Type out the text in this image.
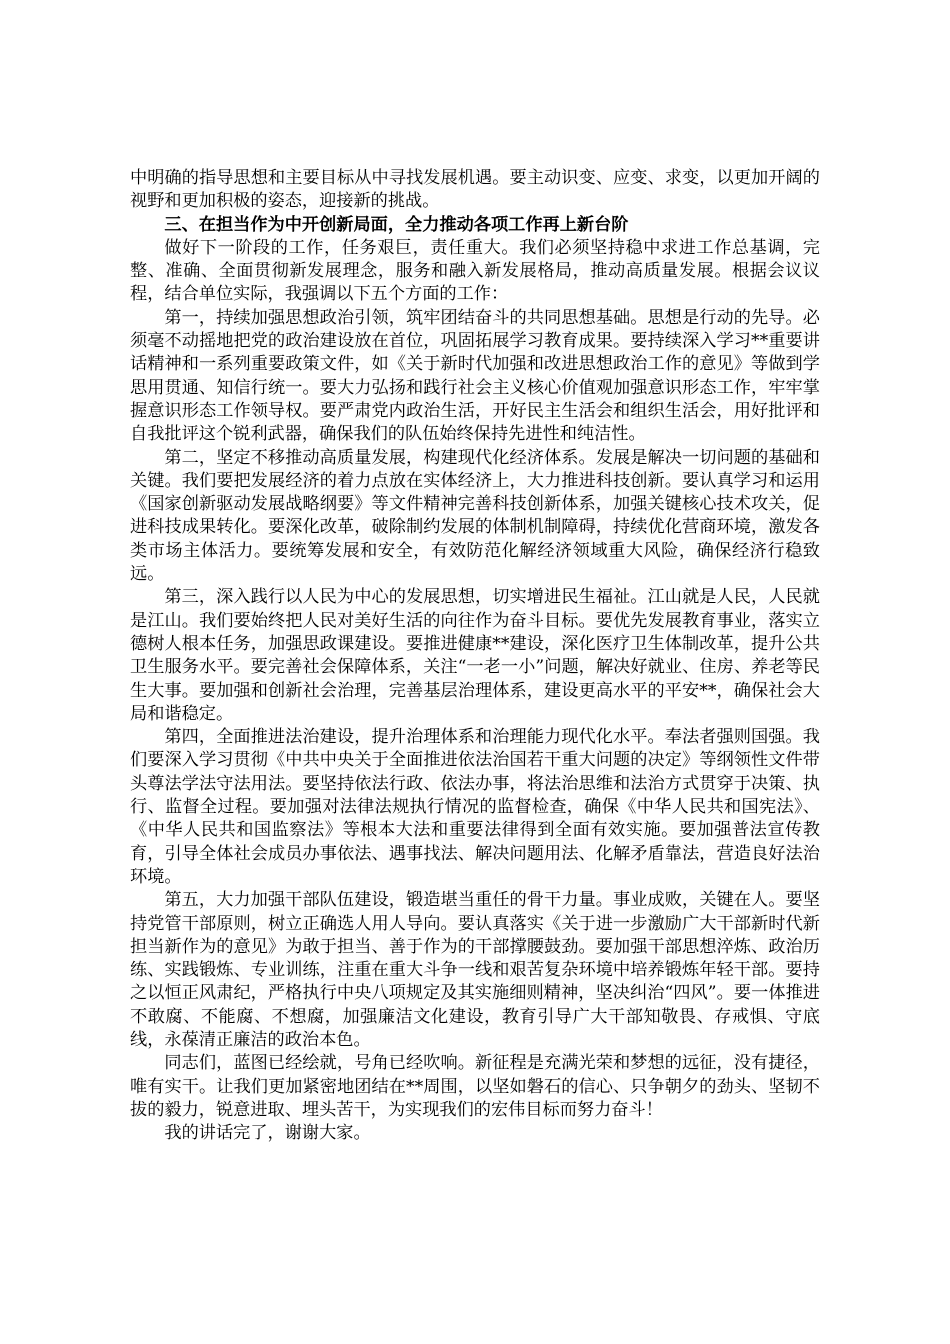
中明确的指导思想和主要目标从中寻找发展机遇。要主动识变、应变、求变，以更加开阔的视野和更加积极的姿态，迎接新的挑战。

三、在担当作为中开创新局面，全力推动各项工作再上新台阶

做好下一阶段的工作，任务艰巨，责任重大。我们必须坚持稳中求进工作总基调，完整、准确、全面贯彻新发展理念，服务和融入新发展格局，推动高质量发展。根据会议议程，结合单位实际，我强调以下五个方面的工作：

第一，持续加强思想政治引领，筑牢团结奋斗的共同思想基础。思想是行动的先导。必须毫不动摇地把党的政治建设放在首位，巩固拓展学习教育成果。要持续深入学习**重要讲话精神和一系列重要政策文件，如《关于新时代加强和改进思想政治工作的意见》等做到学思用贯通、知信行统一。要大力弘扬和践行社会主义核心价值观加强意识形态工作，牢牢掌握意识形态工作领导权。要严肃党内政治生活，开好民主生活会和组织生活会，用好批评和自我批评这个锐利武器，确保我们的队伍始终保持先进性和纯洁性。

第二，坚定不移推动高质量发展，构建现代化经济体系。发展是解决一切问题的基础和关键。我们要把发展经济的着力点放在实体经济上，大力推进科技创新。要认真学习和运用《国家创新驱动发展战略纲要》等文件精神完善科技创新体系，加强关键核心技术攻关，促进科技成果转化。要深化改革，破除制约发展的体制机制障碍，持续优化营商环境，激发各类市场主体活力。要统筹发展和安全，有效防范化解经济领域重大风险，确保经济行稳致远。

第三，深入践行以人民为中心的发展思想，切实增进民生福祉。江山就是人民，人民就是江山。我们要始终把人民对美好生活的向往作为奋斗目标。要优先发展教育事业，落实立德树人根本任务，加强思政课建设。要推进健康**建设，深化医疗卫生体制改革，提升公共卫生服务水平。要完善社会保障体系，关注“一老一小”问题，解决好就业、住房、养老等民生大事。要加强和创新社会治理，完善基层治理体系，建设更高水平的平安**，确保社会大局和谐稳定。

第四，全面推进法治建设，提升治理体系和治理能力现代化水平。奉法者强则国强。我们要深入学习贯彻《中共中央关于全面推进依法治国若干重大问题的决定》等纲领性文件带头尊法学法守法用法。要坚持依法行政、依法办事，将法治思维和法治方式贯穿于决策、执行、监督全过程。要加强对法律法规执行情况的监督检查，确保《中华人民共和国宪法》、《中华人民共和国监察法》等根本大法和重要法律得到全面有效实施。要加强普法宣传教育，引导全体社会成员办事依法、遇事找法、解决问题用法、化解矛盾靠法，营造良好法治环境。

第五，大力加强干部队伍建设，锻造堪当重任的骨干力量。事业成败，关键在人。要坚持党管干部原则，树立正确选人用人导向。要认真落实《关于进一步激励广大干部新时代新担当新作为的意见》为敢于担当、善于作为的干部撑腰鼓劲。要加强干部思想淬炼、政治历练、实践锻炼、专业训练，注重在重大斗争一线和艰苦复杂环境中培养锻炼年轻干部。要持之以恒正风肃纪，严格执行中央八项规定及其实施细则精神，坚决纠治“四风”。要一体推进不敢腐、不能腐、不想腐，加强廉洁文化建设，教育引导广大干部知敬畏、存戒惧、守底线，永葆清正廉洁的政治本色。

同志们，蓝图已经绘就，号角已经吹响。新征程是充满光荣和梦想的远征，没有捷径，唯有实干。让我们更加紧密地团结在**周围，以坚如磐石的信心、只争朝夕的劲头、坚韧不拔的毅力，锐意进取、埋头苦干，为实现我们的宏伟目标而努力奋斗！

我的讲话完了，谢谢大家。
